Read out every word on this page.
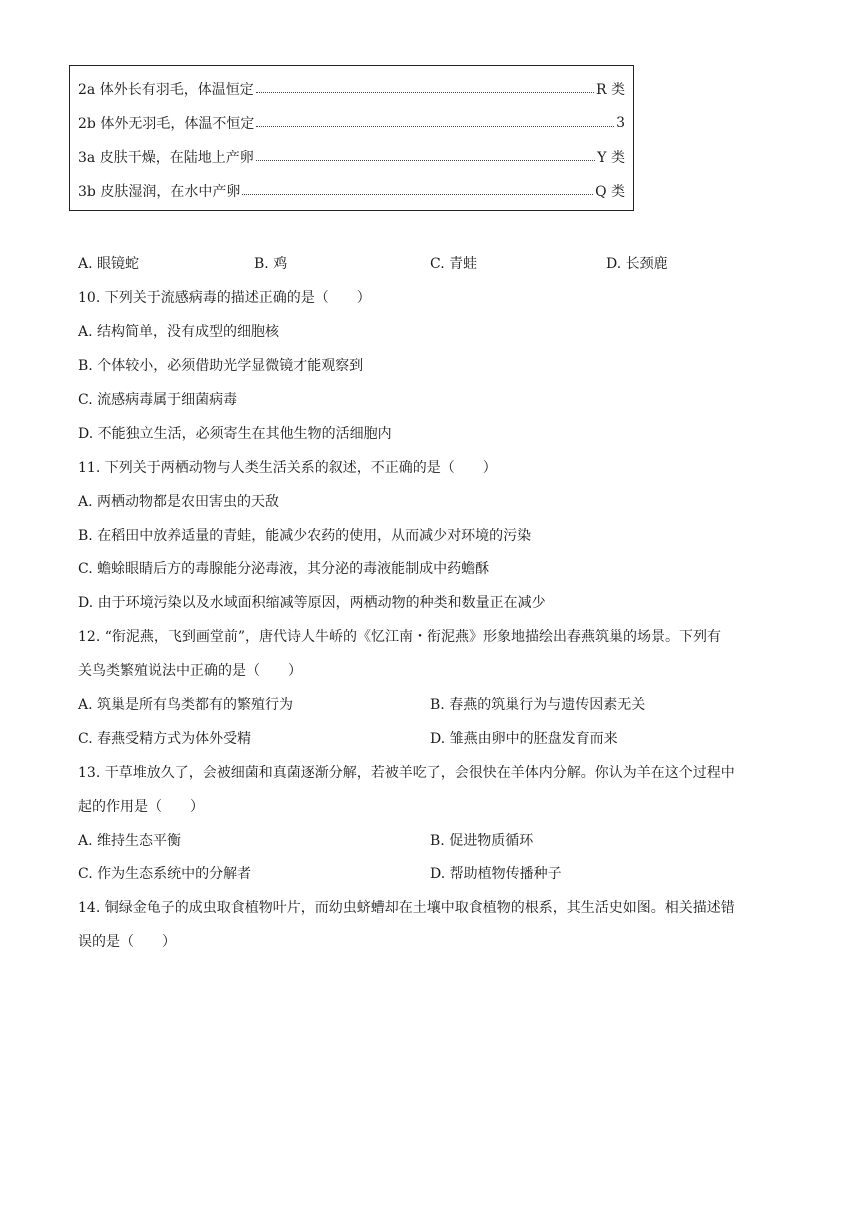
2a 体外长有羽毛，体温恒定	R 类
2b 体外无羽毛，体温不恒定	3
3a 皮肤干燥，在陆地上产卵	Y 类
3b 皮肤湿润，在水中产卵	Q 类
A. 眼镜蛇	B. 鸡	C. 青蛙	D. 长颈鹿
10. 下列关于流感病毒的描述正确的是（　　）
A. 结构简单，没有成型的细胞核
B. 个体较小，必须借助光学显微镜才能观察到
C. 流感病毒属于细菌病毒
D. 不能独立生活，必须寄生在其他生物的活细胞内
11. 下列关于两栖动物与人类生活关系的叙述，不正确的是（　　）
A. 两栖动物都是农田害虫的天敌
B. 在稻田中放养适量的青蛙，能减少农药的使用，从而减少对环境的污染
C. 蟾蜍眼睛后方的毒腺能分泌毒液，其分泌的毒液能制成中药蟾酥
D. 由于环境污染以及水域面积缩减等原因，两栖动物的种类和数量正在减少
12. “衔泥燕，飞到画堂前”，唐代诗人牛峤的《忆江南・衔泥燕》形象地描绘出春燕筑巢的场景。下列有
关鸟类繁殖说法中正确的是（　　）
A. 筑巢是所有鸟类都有的繁殖行为	B. 春燕的筑巢行为与遗传因素无关
C. 春燕受精方式为体外受精	D. 雏燕由卵中的胚盘发育而来
13. 干草堆放久了，会被细菌和真菌逐渐分解，若被羊吃了，会很快在羊体内分解。你认为羊在这个过程中
起的作用是（　　）
A. 维持生态平衡	B. 促进物质循环
C. 作为生态系统中的分解者	D. 帮助植物传播种子
14. 铜绿金龟子的成虫取食植物叶片，而幼虫蛴螬却在土壤中取食植物的根系，其生活史如图。相关描述错
误的是（　　）
